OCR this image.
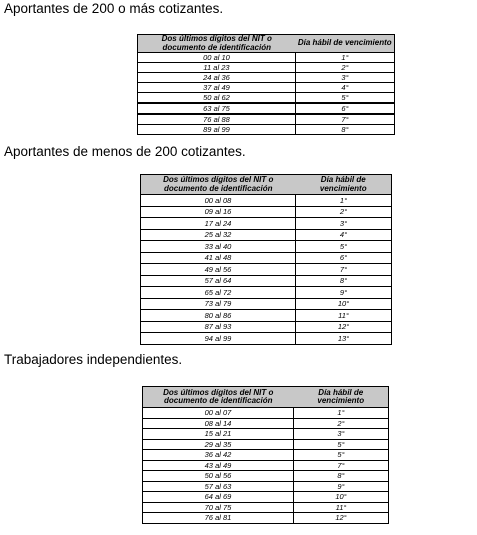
Aportantes de 200 o más cotizantes.
Dos últimos dígitos del NIT o documento de identificación	Día hábil de vencimiento
00 al 10	1°
11 al 23	2°
24 al 36	3°
37 al 49	4°
50 al 62	5°
63 al 75	6°
76 al 88	7°
89 al 99	8°
Aportantes de menos de 200 cotizantes.
Dos últimos dígitos del NIT o documento de identificación	Día hábil de vencimiento
00 al 08	1°
09 al 16	2°
17 al 24	3°
25 al 32	4°
33 al 40	5°
41 al 48	6°
49 al 56	7°
57 al 64	8°
65 al 72	9°
73 al 79	10°
80 al 86	11°
87 al 93	12°
94 al 99	13°
Trabajadores independientes.
Dos últimos dígitos del NIT o documento de identificación	Día hábil de vencimiento
00 al 07	1°
08 al 14	2°
15 al 21	3°
29 al 35	5°
36 al 42	5°
43 al 49	7°
50 al 56	8°
57 al 63	9°
64 al 69	10°
70 al 75	11°
76 al 81	12°
